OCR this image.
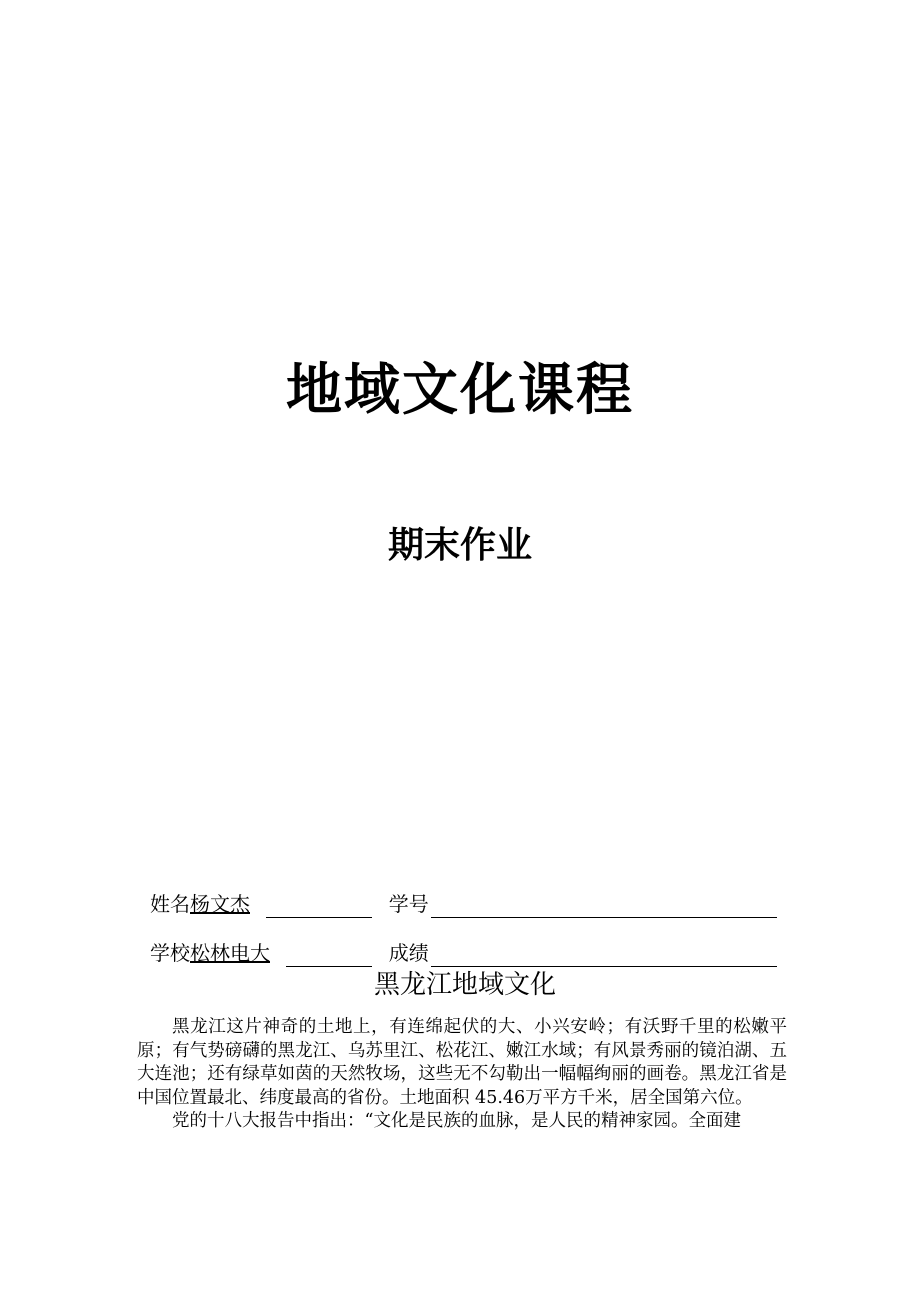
地域文化课程
期末作业
姓名杨文杰	学号
学校松林电大	成绩
黑龙江地域文化

黑龙江这片神奇的土地上，有连绵起伏的大、小兴安岭；有沃野千里的松嫩平原；有气势磅礴的黑龙江、乌苏里江、松花江、嫩江水域；有风景秀丽的镜泊湖、五大连池；还有绿草如茵的天然牧场，这些无不勾勒出一幅幅绚丽的画卷。黑龙江省是中国位置最北、纬度最高的省份。土地面积 45.46万平方千米，居全国第六位。

党的十八大报告中指出：“文化是民族的血脉，是人民的精神家园。全面建
